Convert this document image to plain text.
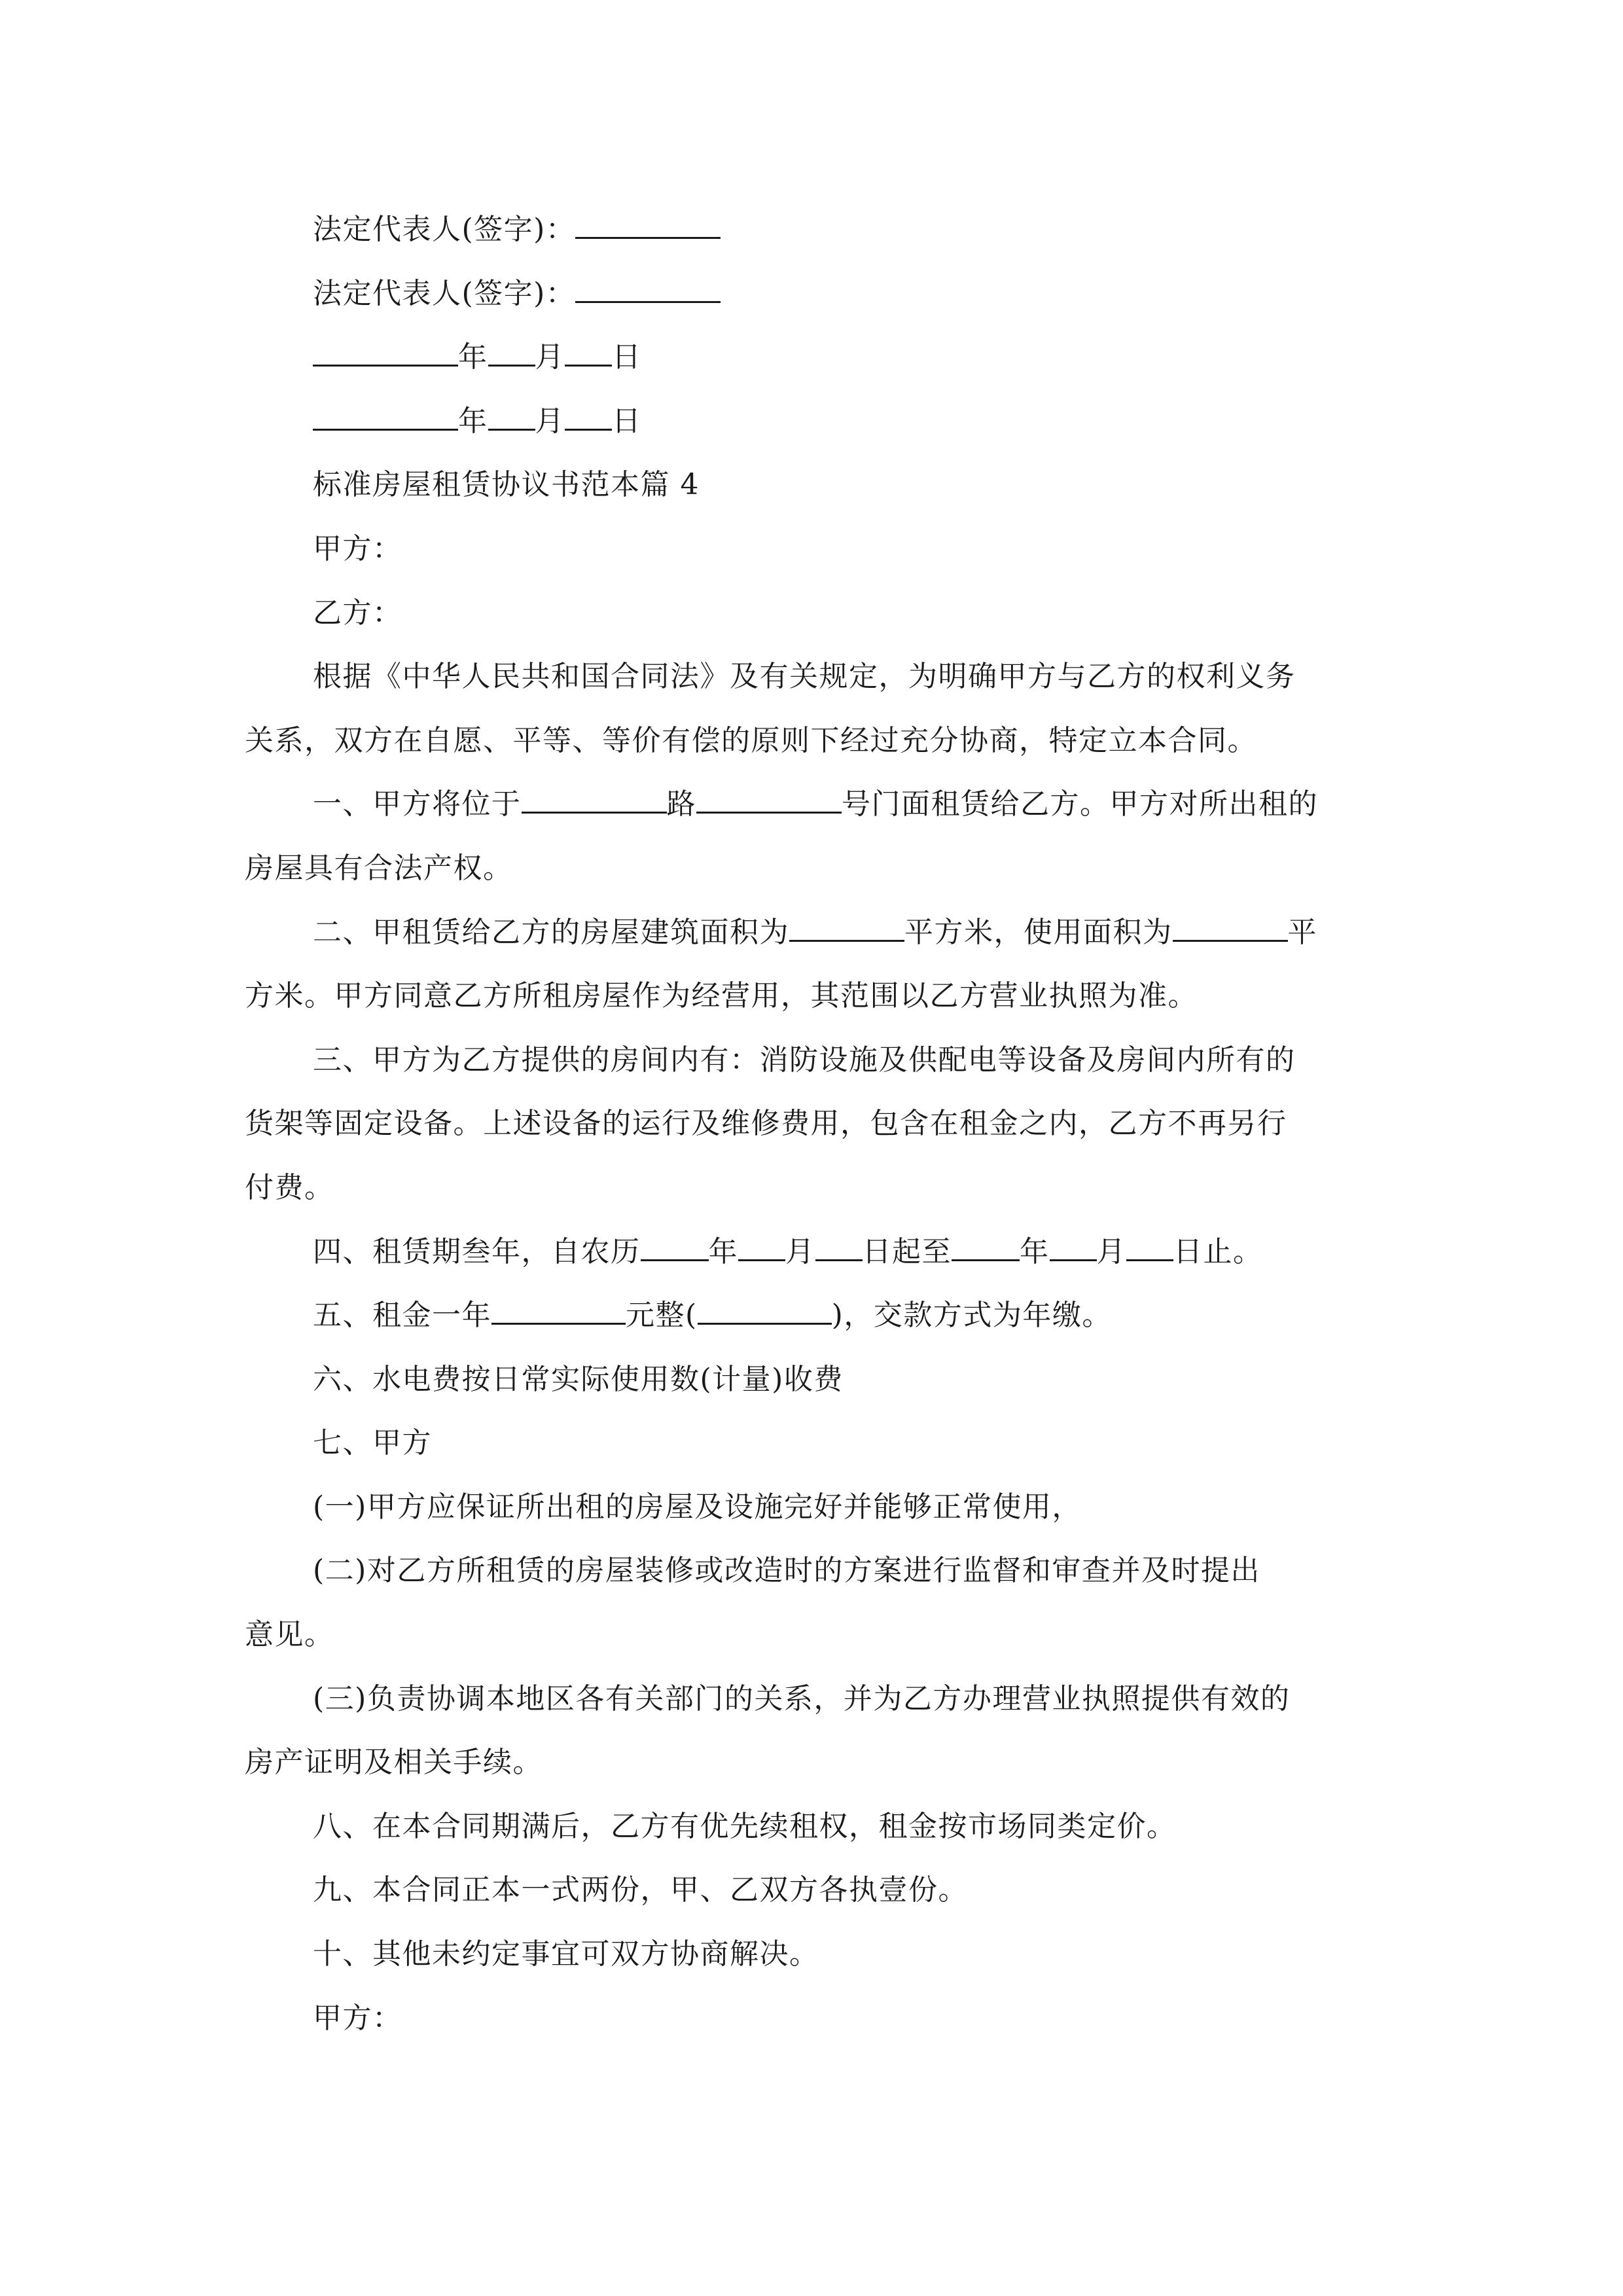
法定代表人(签字)：
法定代表人(签字)：
年 月 日
年 月 日
标准房屋租赁协议书范本篇 4
甲方：
乙方：
根据《中华人民共和国合同法》及有关规定，为明确甲方与乙方的权利义务
关系，双方在自愿、平等、等价有偿的原则下经过充分协商，特定立本合同。
一、甲方将位于	路	号门面租赁给乙方。甲方对所出租的
房屋具有合法产权。
二、甲租赁给乙方的房屋建筑面积为	平方米，使用面积为	平
方米。甲方同意乙方所租房屋作为经营用，其范围以乙方营业执照为准。
三、甲方为乙方提供的房间内有：消防设施及供配电等设备及房间内所有的
货架等固定设备。上述设备的运行及维修费用，包含在租金之内，乙方不再另行
付费。
四、租赁期叁年，自农历 年 月 日起至 年 月 日止。
五、租金一年	元整(	)，交款方式为年缴。
六、水电费按日常实际使用数(计量)收费
七、甲方
(一)甲方应保证所出租的房屋及设施完好并能够正常使用，
(二)对乙方所租赁的房屋装修或改造时的方案进行监督和审查并及时提出
意见。
(三)负责协调本地区各有关部门的关系，并为乙方办理营业执照提供有效的
房产证明及相关手续。
八、在本合同期满后，乙方有优先续租权，租金按市场同类定价。
九、本合同正本一式两份，甲、乙双方各执壹份。
十、其他未约定事宜可双方协商解决。
甲方：
